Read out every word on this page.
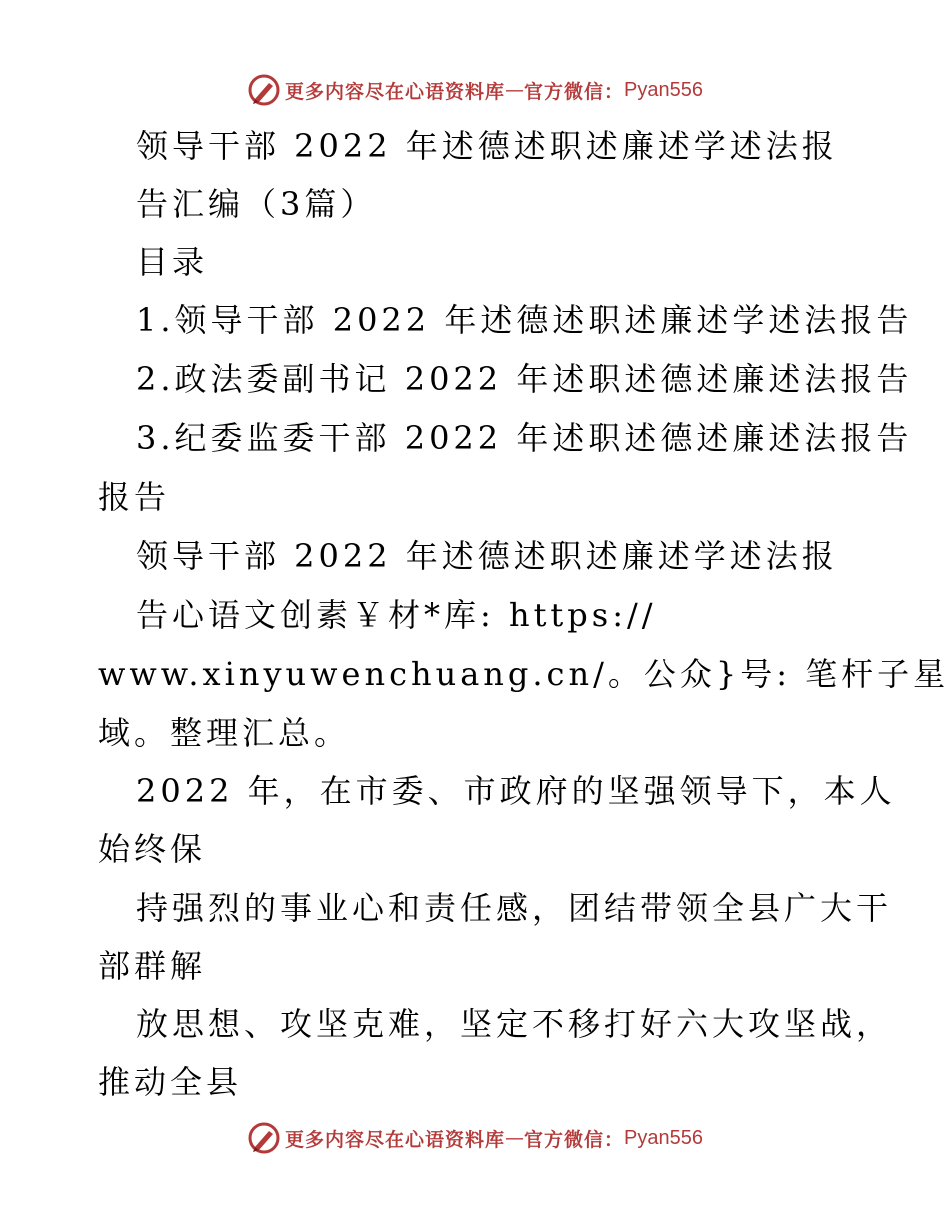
更多内容尽在心语资料库 — 官方微信： Pyan556
领导干部 2022 年述德述职述廉述学述法报
告汇编（3篇）
目录
1.领导干部 2022 年述德述职述廉述学述法报告
2.政法委副书记 2022 年述职述德述廉述法报告
3.纪委监委干部 2022 年述职述德述廉述法报告
报告
领导干部 2022 年述德述职述廉述学述法报
告心语文创素￥材*库: https://
www.xinyuwenchuang.cn/。公众}号: 笔杆子星
域。整理汇总。
2022 年，在市委、市政府的坚强领导下，本人
始终保
持强烈的事业心和责任感，团结带领全县广大干
部群解
放思想、攻坚克难，坚定不移打好六大攻坚战，
推动全县
更多内容尽在心语资料库 — 官方微信： Pyan556
